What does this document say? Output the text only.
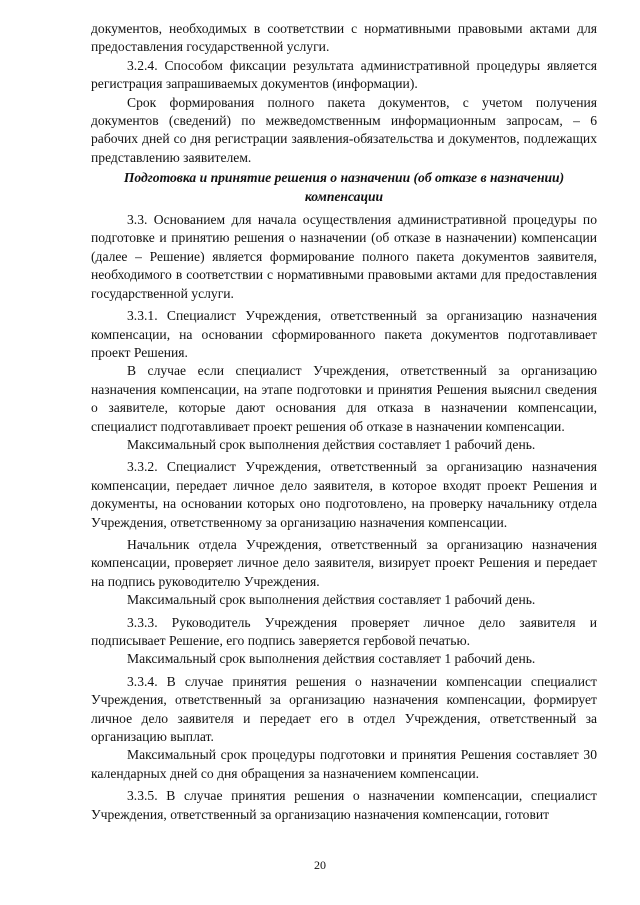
документов, необходимых в соответствии с нормативными правовыми актами для предоставления государственной услуги.

3.2.4. Способом фиксации результата административной процедуры является регистрация запрашиваемых документов (информации).

Срок формирования полного пакета документов, с учетом получения документов (сведений) по межведомственным информационным запросам, – 6 рабочих дней со дня регистрации заявления-обязательства и документов, подлежащих представлению заявителем.

Подготовка и принятие решения о назначении (об отказе в назначении) компенсации

3.3. Основанием для начала осуществления административной процедуры по подготовке и принятию решения о назначении (об отказе в назначении) компенсации (далее – Решение) является формирование полного пакета документов заявителя, необходимого в соответствии с нормативными правовыми актами для предоставления государственной услуги.

3.3.1. Специалист Учреждения, ответственный за организацию назначения компенсации, на основании сформированного пакета документов подготавливает проект Решения.

В случае если специалист Учреждения, ответственный за организацию назначения компенсации, на этапе подготовки и принятия Решения выяснил сведения о заявителе, которые дают основания для отказа в назначении компенсации, специалист подготавливает проект решения об отказе в назначении компенсации.

Максимальный срок выполнения действия составляет 1 рабочий день.

3.3.2. Специалист Учреждения, ответственный за организацию назначения компенсации, передает личное дело заявителя, в которое входят проект Решения и документы, на основании которых оно подготовлено, на проверку начальнику отдела Учреждения, ответственному за организацию назначения компенсации.

Начальник отдела Учреждения, ответственный за организацию назначения компенсации, проверяет личное дело заявителя, визирует проект Решения и передает на подпись руководителю Учреждения.

Максимальный срок выполнения действия составляет 1 рабочий день.

3.3.3. Руководитель Учреждения проверяет личное дело заявителя и подписывает Решение, его подпись заверяется гербовой печатью.

Максимальный срок выполнения действия составляет 1 рабочий день.

3.3.4. В случае принятия решения о назначении компенсации специалист Учреждения, ответственный за организацию назначения компенсации, формирует личное дело заявителя и передает его в отдел Учреждения, ответственный за организацию выплат.

Максимальный срок процедуры подготовки и принятия Решения составляет 30 календарных дней со дня обращения за назначением компенсации.

3.3.5. В случае принятия решения о назначении компенсации, специалист Учреждения, ответственный за организацию назначения компенсации, готовит

20
